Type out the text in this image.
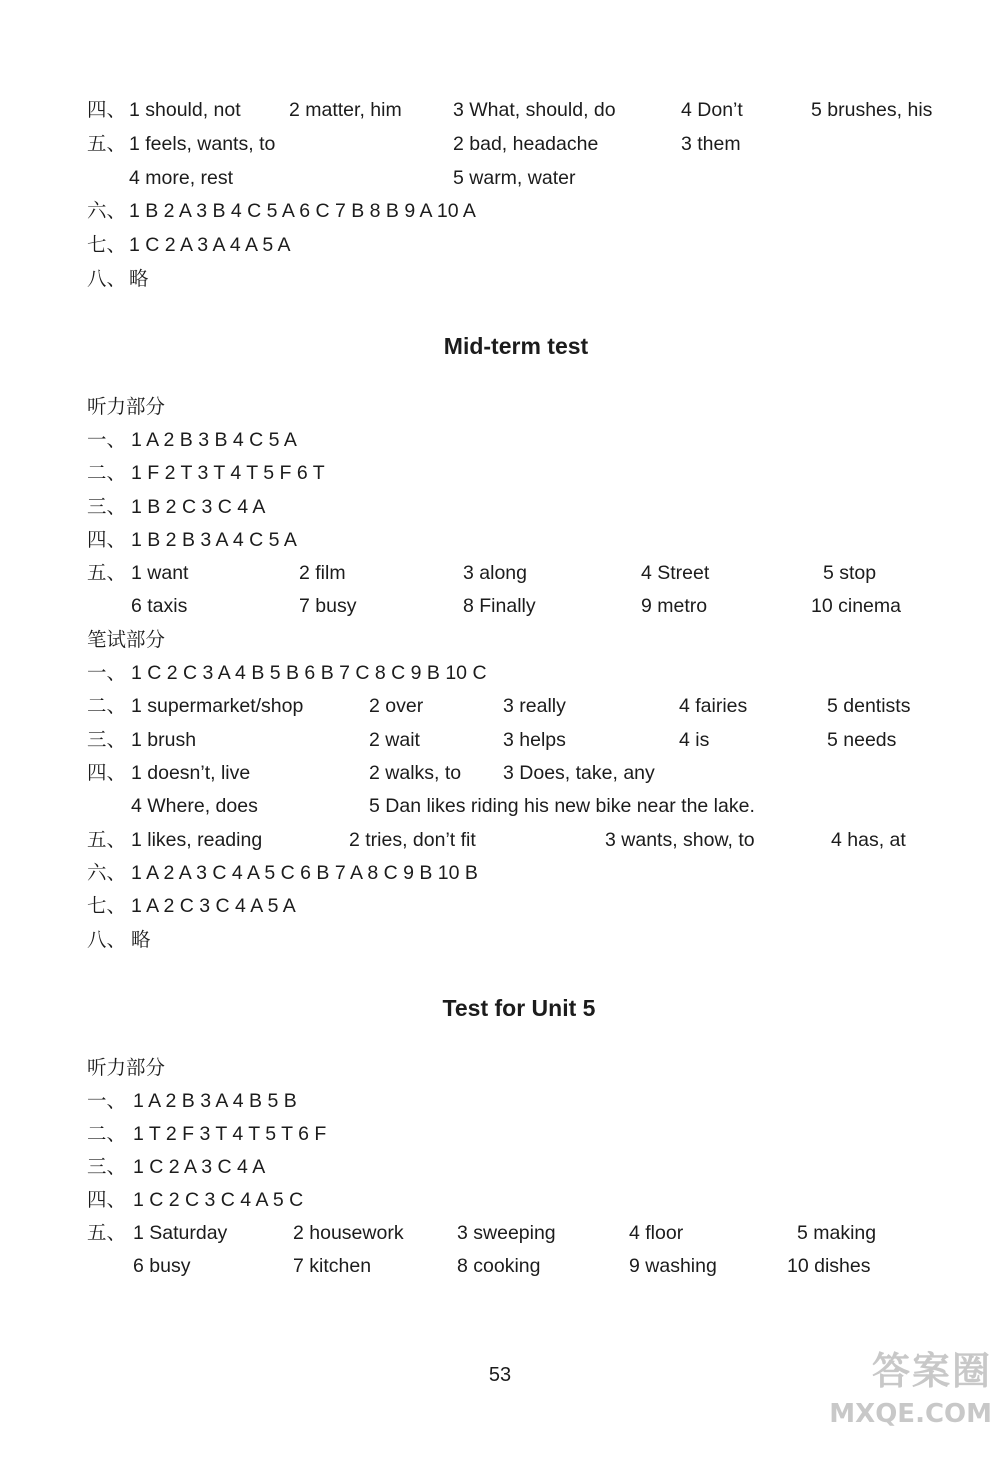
四、 1 should, not 2 matter, him	3 What, should, do	4 Don’t	5 brushes, his
五、 1 feels, wants, to	2 bad, headache	3 them
4 more, rest	5 warm, water
六、 1 B 2 A 3 B 4 C 5 A 6 C 7 B 8 B 9 A 10 A
七、 1 C 2 A 3 A 4 A 5 A
八、 略
Mid-term test
听力部分
一、 1 A 2 B 3 B 4 C 5 A
二、 1 F 2 T 3 T 4 T 5 F 6 T
三、 1 B 2 C 3 C 4 A
四、 1 B 2 B 3 A 4 C 5 A
五、 1 want	2 film	3 along	4 Street	5 stop
6 taxis	7 busy	8 Finally	9 metro	10 cinema
笔试部分
一、 1 C 2 C 3 A 4 B 5 B 6 B 7 C 8 C 9 B 10 C
二、 1 supermarket/shop	2 over	3 really	4 fairies	5 dentists
三、 1 brush	2 wait	3 helps	4 is	5 needs
四、 1 doesn’t, live	2 walks, to 3 Does, take, any
4 Where, does	5 Dan likes riding his new bike near the lake.
五、 1 likes, reading	2 tries, don’t fit	3 wants, show, to	4 has, at
六、 1 A 2 A 3 C 4 A 5 C 6 B 7 A 8 C 9 B 10 B
七、 1 A 2 C 3 C 4 A 5 A
八、 略
Test for Unit 5
听力部分
一、 1 A 2 B 3 A 4 B 5 B
二、 1 T 2 F 3 T 4 T 5 T 6 F
三、 1 C 2 A 3 C 4 A
四、 1 C 2 C 3 C 4 A 5 C
五、 1 Saturday	2 housework	3 sweeping	4 floor	5 making
6 busy	7 kitchen	8 cooking	9 washing	10 dishes
53	答案圈
MXQE.COM
